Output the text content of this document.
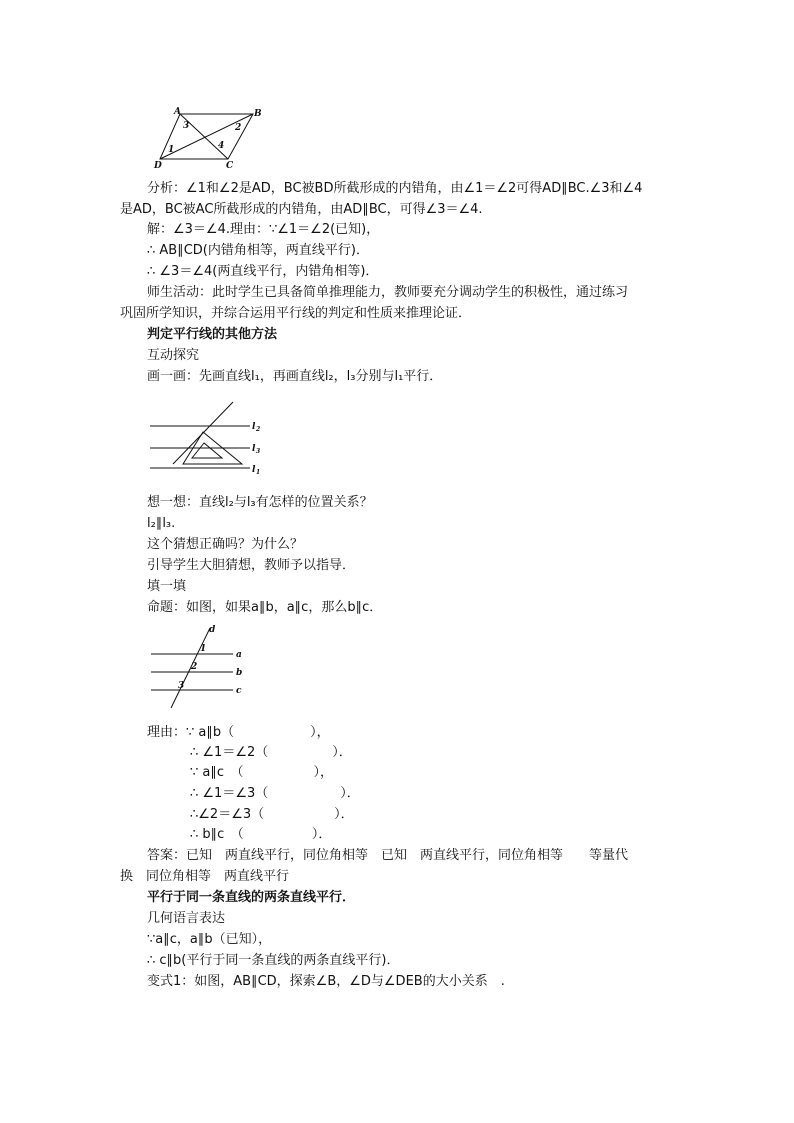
A	B
C
D
3	2
1	4
分析：∠1和∠2是AD，BC被BD所截形成的内错角，由∠1＝∠2可得AD∥BC.∠3和∠4
是AD，BC被AC所截形成的内错角，由AD∥BC，可得∠3＝∠4.
解：∠3＝∠4.理由：∵∠1＝∠2(已知)，
∴ AB∥CD(内错角相等，两直线平行)．
∴ ∠3＝∠4(两直线平行，内错角相等)．
师生活动：此时学生已具备简单推理能力，教师要充分调动学生的积极性，通过练习
巩固所学知识，并综合运用平行线的判定和性质来推理论证．
判定平行线的其他方法
互动探究
画一画：先画直线l₁，再画直线l₂，l₃分别与l₁平行．
l 2
l 3
l 1
想一想：直线l₂与l₃有怎样的位置关系？
l₂∥l₃.
这个猜想正确吗？为什么？
引导学生大胆猜想，教师予以指导．
填一填
命题：如图，如果a∥b，a∥c，那么b∥c．
d
a
b
c
1
2
3
理由：∵ a∥b（	），
∴ ∠1＝∠2（	）．
∵ a∥c　（	），
∴ ∠1＝∠3（	）．
∴∠2＝∠3（	）．
∴ b∥c　（	）．
答案：已知　两直线平行，同位角相等　已知　两直线平行，同位角相等　　等量代
换　同位角相等　两直线平行
平行于同一条直线的两条直线平行．
几何语言表达
∵a∥c，a∥b（已知），
∴ c∥b(平行于同一条直线的两条直线平行)．
变式1：如图，AB∥CD，探索∠B，∠D与∠DEB的大小关系　.
